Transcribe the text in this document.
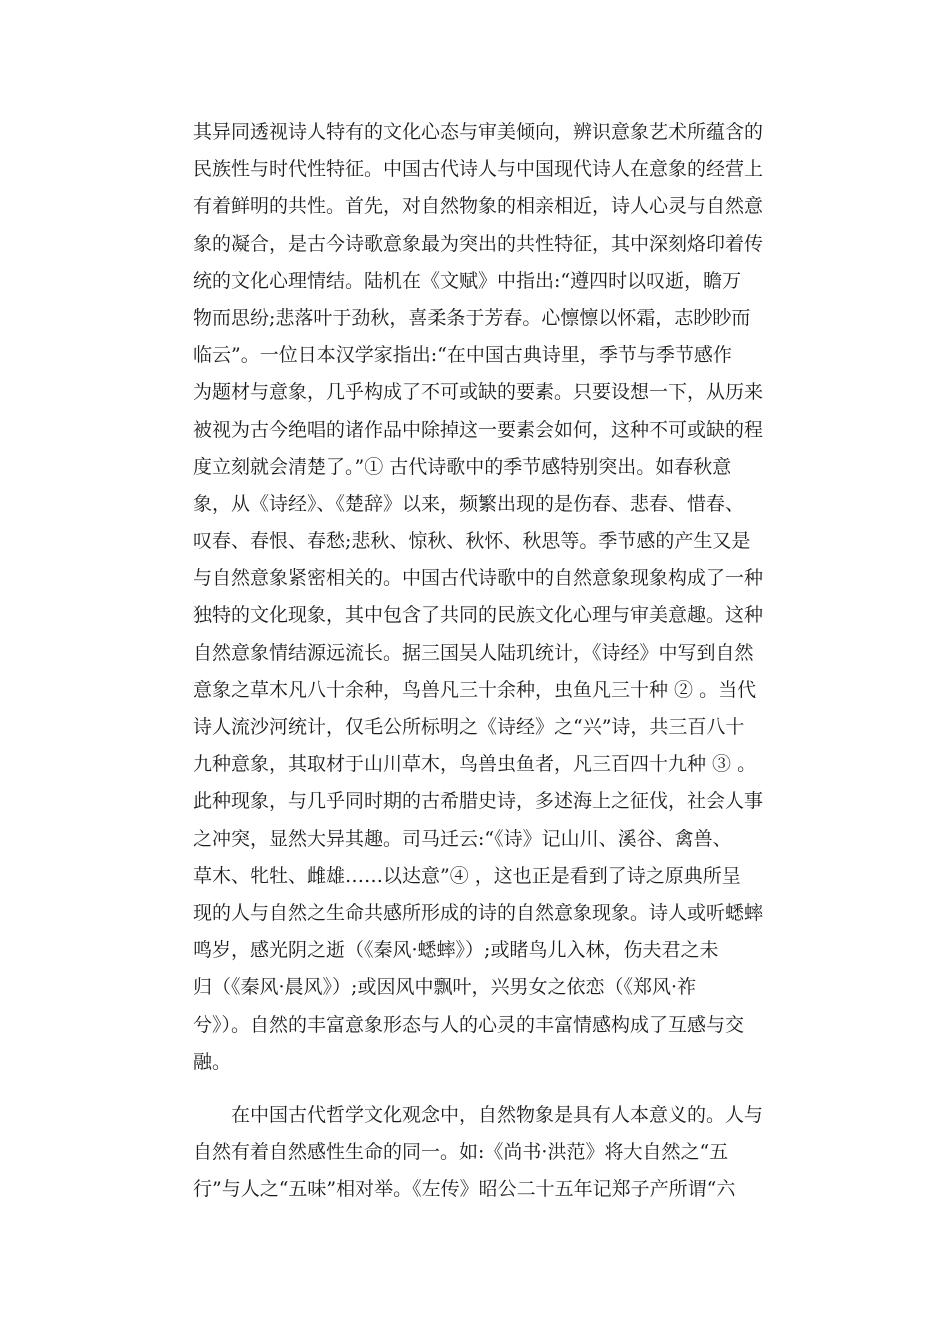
其异同透视诗人特有的文化心态与审美倾向，辨识意象艺术所蕴含的
民族性与时代性特征。中国古代诗人与中国现代诗人在意象的经营上
有着鲜明的共性。首先，对自然物象的相亲相近，诗人心灵与自然意
象的凝合，是古今诗歌意象最为突出的共性特征，其中深刻烙印着传
统的文化心理情结。陆机在《文赋》中指出:“遵四时以叹逝，瞻万
物而思纷;悲落叶于劲秋，喜柔条于芳春。心懔懔以怀霜，志眇眇而
临云”。一位日本汉学家指出:“在中国古典诗里，季节与季节感作
为题材与意象，几乎构成了不可或缺的要素。只要设想一下，从历来
被视为古今绝唱的诸作品中除掉这一要素会如何，这种不可或缺的程
度立刻就会清楚了。”① 古代诗歌中的季节感特别突出。如春秋意
象，从《诗经》、《楚辞》以来，频繁出现的是伤春、悲春、惜春、
叹春、春恨、春愁;悲秋、惊秋、秋怀、秋思等。季节感的产生又是
与自然意象紧密相关的。中国古代诗歌中的自然意象现象构成了一种
独特的文化现象，其中包含了共同的民族文化心理与审美意趣。这种
自然意象情结源远流长。据三国吴人陆玑统计，《诗经》中写到自然
意象之草木凡八十余种，鸟兽凡三十余种，虫鱼凡三十种 ② 。当代
诗人流沙河统计，仅毛公所标明之《诗经》之“兴”诗，共三百八十
九种意象，其取材于山川草木，鸟兽虫鱼者，凡三百四十九种 ③ 。
此种现象，与几乎同时期的古希腊史诗，多述海上之征伐，社会人事
之冲突，显然大异其趣。司马迁云:“《诗》记山川、溪谷、禽兽、
草木、牝牡、雌雄……以达意”④ ，这也正是看到了诗之原典所呈
现的人与自然之生命共感所形成的诗的自然意象现象。诗人或听蟋蟀
鸣岁，感光阴之逝（《秦风·蟋蟀》）;或睹鸟儿入林，伤夫君之未
归（《秦风·晨风》）;或因风中飘叶，兴男女之依恋（《郑风·祚
兮》）。自然的丰富意象形态与人的心灵的丰富情感构成了互感与交
融。
在中国古代哲学文化观念中，自然物象是具有人本意义的。人与
自然有着自然感性生命的同一。如:《尚书·洪范》将大自然之“五
行”与人之“五味”相对举。《左传》昭公二十五年记郑子产所谓“六
